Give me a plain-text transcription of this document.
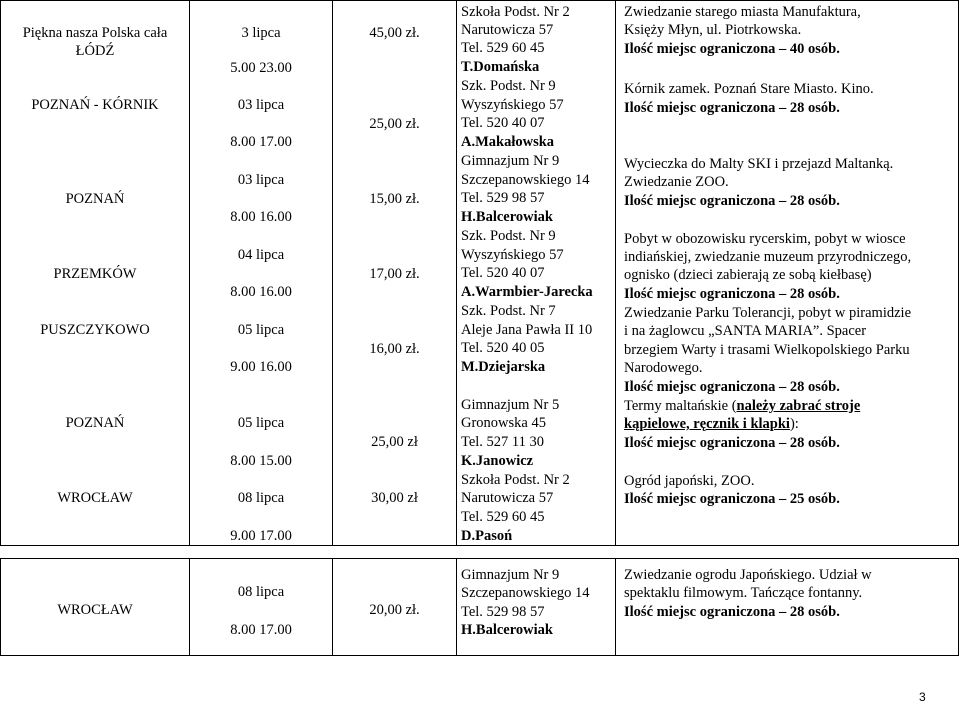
Piękna nasza Polska cała
ŁÓDŹ
POZNAŃ - KÓRNIK
POZNAŃ
PRZEMKÓW
PUSZCZYKOWO
POZNAŃ
WROCŁAW
3 lipca
5.00 23.00
03 lipca
8.00 17.00
03 lipca
8.00 16.00
04 lipca
8.00 16.00
05 lipca
9.00 16.00
05 lipca
8.00 15.00
08 lipca
9.00 17.00
45,00 zł.
25,00 zł.
15,00 zł.
17,00 zł.
16,00 zł.
25,00 zł
30,00 zł
Szkoła Podst. Nr 2
Narutowicza 57
Tel. 529 60 45
T.Domańska
Szk. Podst. Nr 9
Wyszyńskiego 57
Tel. 520 40 07
A.Makałowska
Gimnazjum Nr 9
Szczepanowskiego 14
Tel. 529 98 57
H.Balcerowiak
Szk. Podst. Nr 9
Wyszyńskiego 57
Tel. 520 40 07
A.Warmbier-Jarecka
Szk. Podst. Nr 7
Aleje Jana Pawła II 10
Tel. 520 40 05
M.Dziejarska
Gimnazjum Nr 5
Gronowska 45
Tel. 527 11 30
K.Janowicz
Szkoła Podst. Nr 2
Narutowicza 57
Tel. 529 60 45
D.Pasoń
Zwiedzanie starego miasta Manufaktura,
Księży Młyn, ul. Piotrkowska.
Ilość miejsc ograniczona – 40 osób.
Kórnik zamek. Poznań Stare Miasto. Kino.
Ilość miejsc ograniczona – 28 osób.
Wycieczka do Malty SKI i przejazd Maltanką.
Zwiedzanie ZOO.
Ilość miejsc ograniczona – 28 osób.
Pobyt w obozowisku rycerskim, pobyt w wiosce
indiańskiej, zwiedzanie muzeum przyrodniczego,
ognisko (dzieci zabierają ze sobą kiełbasę)
Ilość miejsc ograniczona – 28 osób.
Zwiedzanie Parku Tolerancji, pobyt w piramidzie
i na żaglowcu „SANTA MARIA”. Spacer
brzegiem Warty i trasami Wielkopolskiego Parku
Narodowego.
Ilość miejsc ograniczona – 28 osób.
Termy maltańskie (należy zabrać stroje
kąpielowe, ręcznik i klapki):
Ilość miejsc ograniczona – 28 osób.
Ogród japoński, ZOO.
Ilość miejsc ograniczona – 25 osób.
WROCŁAW
08 lipca
8.00 17.00
20,00 zł.
Gimnazjum Nr 9
Szczepanowskiego 14
Tel. 529 98 57
H.Balcerowiak
Zwiedzanie ogrodu Japońskiego. Udział w
spektaklu filmowym. Tańczące fontanny.
Ilość miejsc ograniczona – 28 osób.
3
